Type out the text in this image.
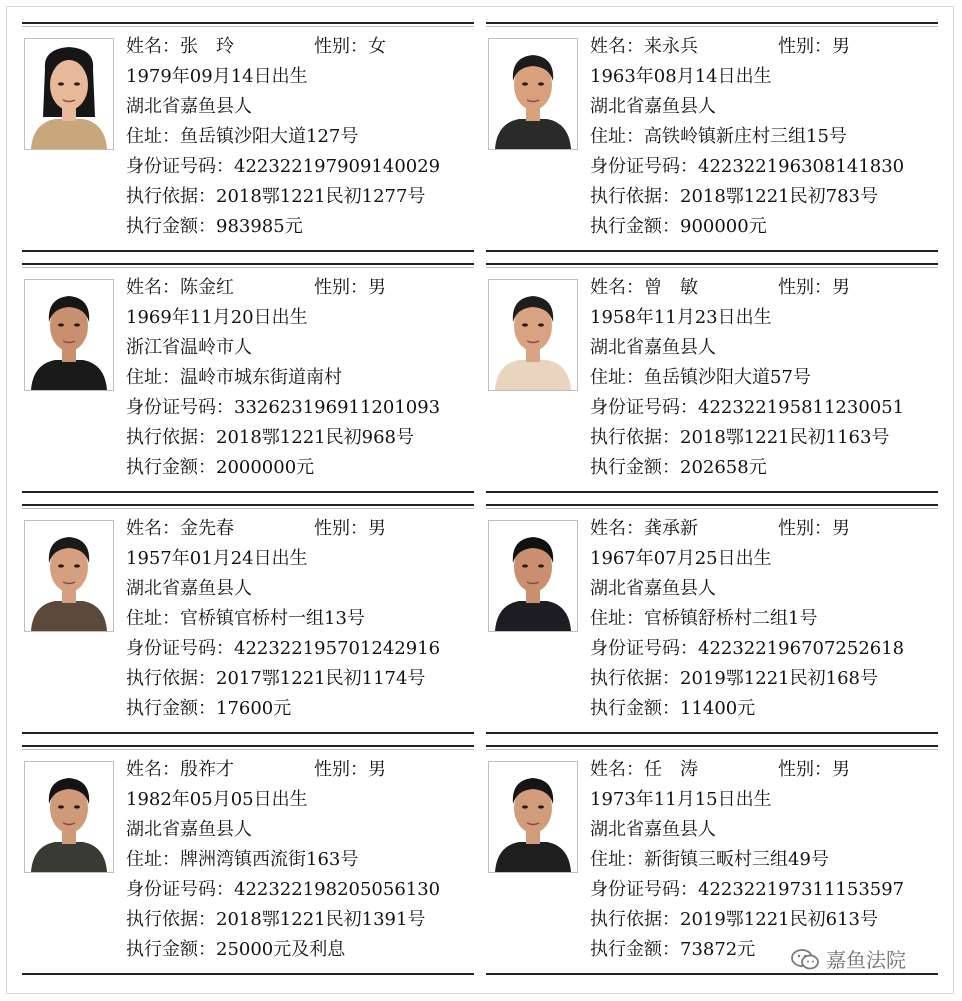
姓名：张　玲	性别：女
1979年09月14日出生
湖北省嘉鱼县人
住址：鱼岳镇沙阳大道127号
身份证号码：422322197909140029
执行依据：2018鄂1221民初1277号
执行金额：983985元
姓名：来永兵	性别：男
1963年08月14日出生
湖北省嘉鱼县人
住址：高铁岭镇新庄村三组15号
身份证号码：422322196308141830
执行依据：2018鄂1221民初783号
执行金额：900000元
姓名：陈金红	性别：男
1969年11月20日出生
浙江省温岭市人
住址：温岭市城东街道南村
身份证号码：332623196911201093
执行依据：2018鄂1221民初968号
执行金额：2000000元
姓名：曾　敏	性别：男
1958年11月23日出生
湖北省嘉鱼县人
住址：鱼岳镇沙阳大道57号
身份证号码：422322195811230051
执行依据：2018鄂1221民初1163号
执行金额：202658元
姓名：金先春	性别：男
1957年01月24日出生
湖北省嘉鱼县人
住址：官桥镇官桥村一组13号
身份证号码：422322195701242916
执行依据：2017鄂1221民初1174号
执行金额：17600元
姓名：龚承新	性别：男
1967年07月25日出生
湖北省嘉鱼县人
住址：官桥镇舒桥村二组1号
身份证号码：422322196707252618
执行依据：2019鄂1221民初168号
执行金额：11400元
姓名：殷祚才	性别：男
1982年05月05日出生
湖北省嘉鱼县人
住址：牌洲湾镇西流街163号
身份证号码：422322198205056130
执行依据：2018鄂1221民初1391号
执行金额：25000元及利息
姓名：任　涛	性别：男
1973年11月15日出生
湖北省嘉鱼县人
住址：新街镇三畈村三组49号
身份证号码：422322197311153597
执行依据：2019鄂1221民初613号
执行金额：73872元	嘉鱼法院
